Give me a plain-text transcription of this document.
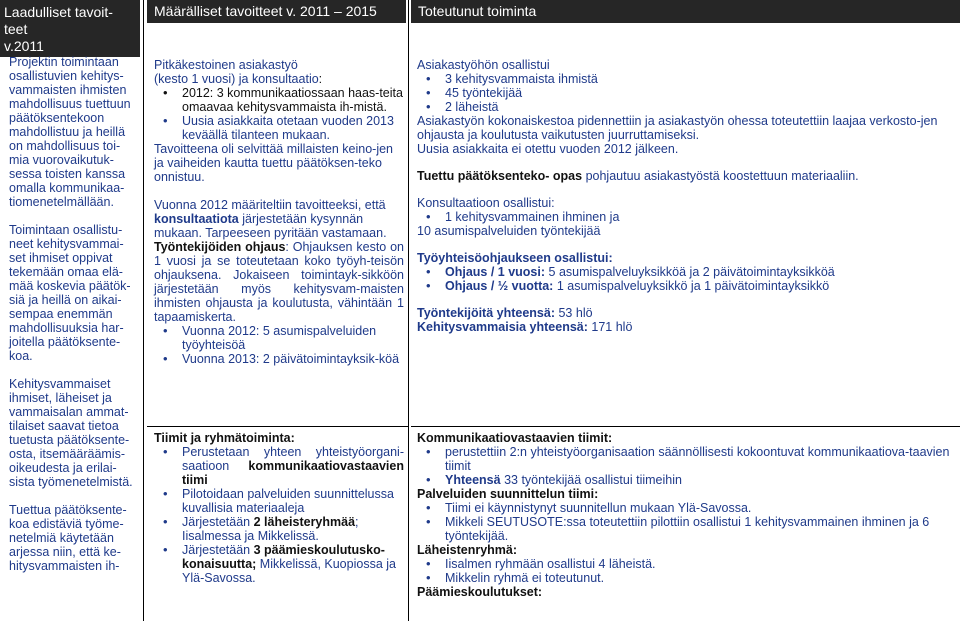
Laadulliset tavoit-
teet
v.2011
Määrälliset tavoitteet v. 2011 – 2015	Toteutunut toiminta

Projektin toimintaan osallistuvien kehitys-vammaisten ihmisten mahdollisuus tuettuun päätöksentekoon mahdollistuu ja heillä on mahdollisuus toi-mia vuorovaikutuk-sessa toisten kanssa omalla kommunikaa-tiomenetelmällään.

Toimintaan osallistu-neet kehitysvammai-set ihmiset oppivat tekemään omaa elä-mää koskevia päätök-siä ja heillä on aikai-sempaa enemmän mahdollisuuksia har-joitella päätöksente-koa.

Kehitysvammaiset ihmiset, läheiset ja vammaisalan ammat-tilaiset saavat tietoa tuetusta päätöksente-osta, itsemääräämis-oikeudesta ja erilai-sista työmenetelmistä.

Tuettua päätöksente-koa edistäviä työme-netelmiä käytetään arjessa niin, että ke-hitysvammaisten ih-

Pitkäkestoinen asiakastyö
(kesto 1 vuosi) ja konsultaatio:

• 2012: 3 kommunikaatiossaan haas-teita omaavaa kehitysvammaista ih-mistä.
• Uusia asiakkaita otetaan vuoden 2013 keväällä tilanteen mukaan.

Tavoitteena oli selvittää millaisten keino-jen ja vaiheiden kautta tuettu päätöksen-teko onnistuu.

Vuonna 2012 määriteltiin tavoitteeksi, että konsultaatiota järjestetään kysynnän mukaan. Tarpeeseen pyritään vastamaan.

Työntekijöiden ohjaus: Ohjauksen kesto on 1 vuosi ja se toteutetaan koko työyh-teisön ohjauksena. Jokaiseen toimintayk-sikköön järjestetään myös kehitysvam-maisten ihmisten ohjausta ja koulutusta, vähintään 1 tapaamiskerta.

• Vuonna 2012: 5 asumispalveluiden työyhteisöä
• Vuonna 2013: 2 päivätoimintayksik-köä

Tiimit ja ryhmätoiminta:

• Perustetaan yhteen yhteistyöorgani-saatioon kommunikaatiovastaavien tiimi
• Pilotoidaan palveluiden suunnittelussa kuvallisia materiaaleja
• Järjestetään 2 läheisteryhmää; Iisalmessa ja Mikkelissä.
• Järjestetään 3 päämieskoulutusko-konaisuutta; Mikkelissä, Kuopiossa ja Ylä-Savossa.

Asiakastyöhön osallistui

• 3 kehitysvammaista ihmistä
• 45 työntekijää
• 2 läheistä

Asiakastyön kokonaiskestoa pidennettiin ja asiakastyön ohessa toteutettiin laajaa verkosto-jen ohjausta ja koulutusta vaikutusten juurruttamiseksi.

Uusia asiakkaita ei otettu vuoden 2012 jälkeen.

Tuettu päätöksenteko- opas pohjautuu asiakastyöstä koostettuun materiaaliin.

Konsultaatioon osallistui:

• 1 kehitysvammainen ihminen ja

10 asumispalveluiden työntekijää

Työyhteisöohjaukseen osallistui:

• Ohjaus / 1 vuosi: 5 asumispalveluyksikköä ja 2 päivätoimintayksikköä
• Ohjaus / ½ vuotta: 1 asumispalveluyksikkö ja 1 päivätoimintayksikkö

Työntekijöitä yhteensä: 53 hlö

Kehitysvammaisia yhteensä: 171 hlö

Kommunikaatiovastaavien tiimit:

• perustettiin 2:n yhteistyöorganisaation säännöllisesti kokoontuvat kommunikaatiova-taavien tiimit
• Yhteensä 33 työntekijää osallistui tiimeihin

Palveluiden suunnittelun tiimi:

• Tiimi ei käynnistynyt suunnitellun mukaan Ylä-Savossa.
• Mikkeli SEUTUSOTE:ssa toteutettiin pilottiin osallistui 1 kehitysvammainen ihminen ja 6 työntekijää.

Läheistenryhmä:

• Iisalmen ryhmään osallistui 4 läheistä.
• Mikkelin ryhmä ei toteutunut.

Päämieskoulutukset:
